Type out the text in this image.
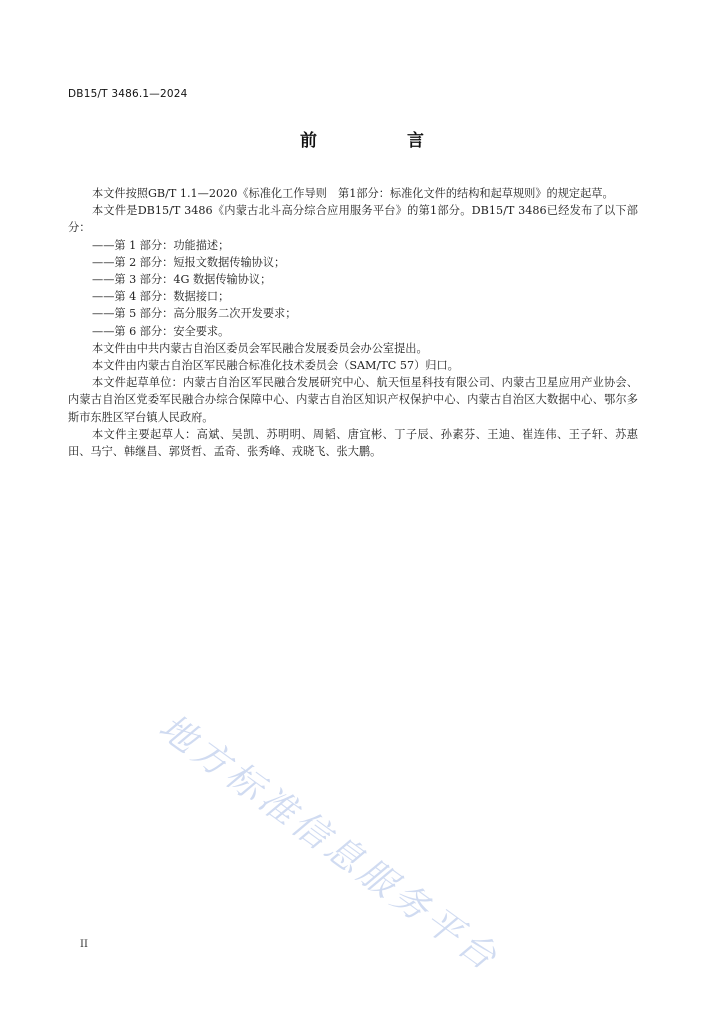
DB15/T 3486.1—2024
前 言

本文件按照GB/T 1.1—2020《标准化工作导则　第1部分：标准化文件的结构和起草规则》的规定起草。

本文件是DB15/T 3486《内蒙古北斗高分综合应用服务平台》的第1部分。DB15/T 3486已经发布了以下部分：

——第 1 部分：功能描述；

——第 2 部分：短报文数据传输协议；

——第 3 部分：4G 数据传输协议；

——第 4 部分：数据接口；

——第 5 部分：高分服务二次开发要求；

——第 6 部分：安全要求。

本文件由中共内蒙古自治区委员会军民融合发展委员会办公室提出。

本文件由内蒙古自治区军民融合标准化技术委员会（SAM/TC 57）归口。

本文件起草单位：内蒙古自治区军民融合发展研究中心、航天恒星科技有限公司、内蒙古卫星应用产业协会、内蒙古自治区党委军民融合办综合保障中心、内蒙古自治区知识产权保护中心、内蒙古自治区大数据中心、鄂尔多斯市东胜区罕台镇人民政府。

本文件主要起草人：高斌、吴凯、苏明明、周韬、唐宜彬、丁子辰、孙素芬、王迪、崔连伟、王子轩、苏惠田、马宁、韩继昌、郭贤哲、孟奇、张秀峰、戎晓飞、张大鹏。

地方标准信息服务平台
II
